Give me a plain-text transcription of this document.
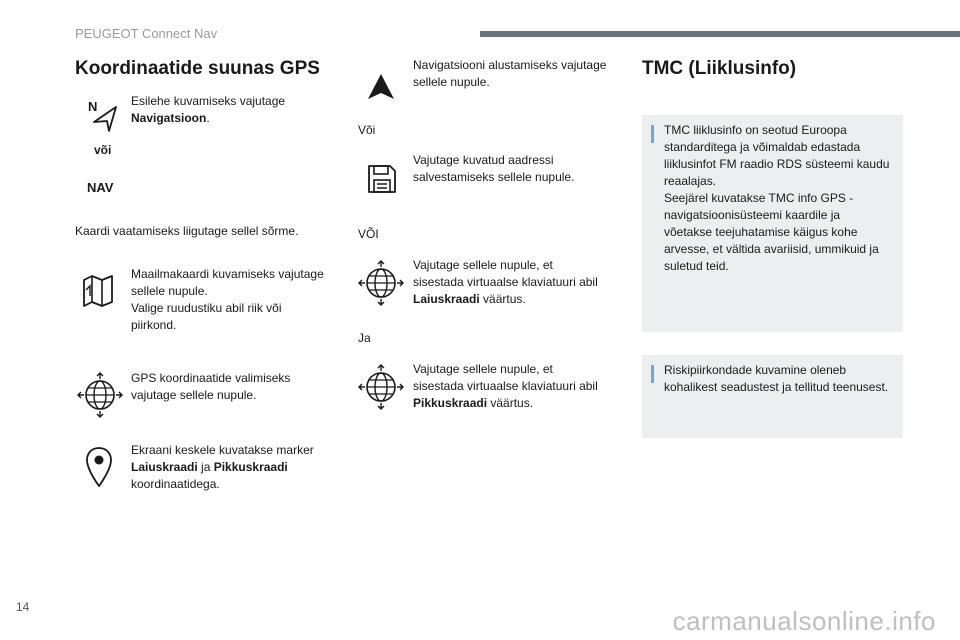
PEUGEOT Connect Nav
Koordinaatide suunas GPS
N	Esilehe kuvamiseks vajutage
Navigatsioon.
või
NAV
Kaardi vaatamiseks liigutage sellel sõrme.
Maailmakaardi kuvamiseks vajutage
sellele nupule.
Valige ruudustiku abil riik või
piirkond.
GPS koordinaatide valimiseks
vajutage sellele nupule.
Ekraani keskele kuvatakse marker
Laiuskraadi ja Pikkuskraadi
koordinaatidega.
Navigatsiooni alustamiseks vajutage
sellele nupule.
Või
Vajutage kuvatud aadressi
salvestamiseks sellele nupule.
VÕI
Vajutage sellele nupule, et
sisestada virtuaalse klaviatuuri abil
Laiuskraadi väärtus.
Ja
Vajutage sellele nupule, et
sisestada virtuaalse klaviatuuri abil
Pikkuskraadi väärtus.
TMC (Liiklusinfo)
TMC liiklusinfo on seotud Euroopa
standarditega ja võimaldab edastada
liiklusinfot FM raadio RDS süsteemi kaudu
reaalajas.
Seejärel kuvatakse TMC info GPS -
navigatsioonisüsteemi kaardile ja
võetakse teejuhatamise käigus kohe
arvesse, et vältida avariisid, ummikuid ja
suletud teid.
Riskipiirkondade kuvamine oleneb
kohalikest seadustest ja tellitud teenusest.
14	carmanualsonline.info
